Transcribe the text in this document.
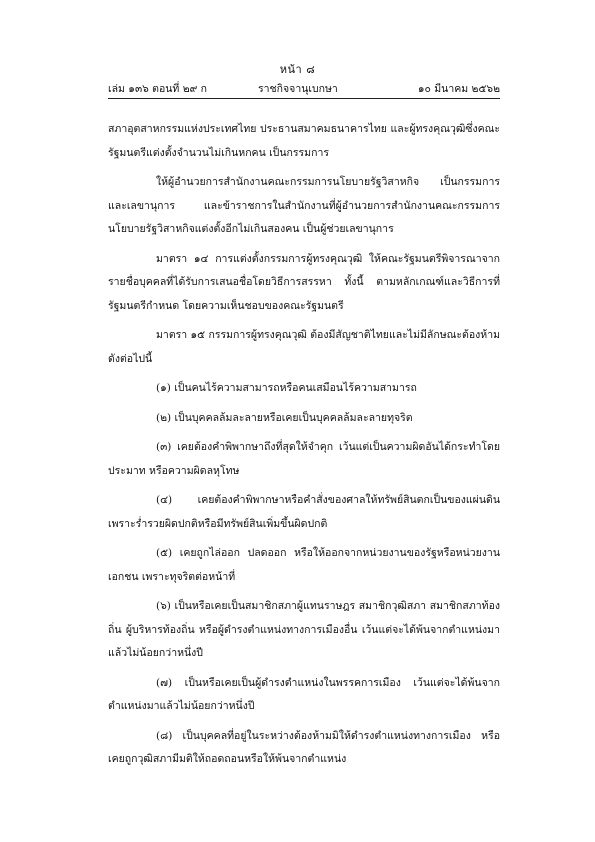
หน้า ๘
เล่ม ๑๓๖ ตอนที่ ๒๙ ก	ราชกิจจานุเบกษา	๑๐ มีนาคม ๒๕๖๒

สภาอุตสาหกรรมแห่งประเทศไทย ประธานสมาคมธนาคารไทย และผู้ทรงคุณวุฒิซึ่งคณะรัฐมนตรีแต่งตั้งจำนวนไม่เกินหกคน เป็นกรรมการ

ให้ผู้อำนวยการสำนักงานคณะกรรมการนโยบายรัฐวิสาหกิจ เป็นกรรมการและเลขานุการ และข้าราชการในสำนักงานที่ผู้อำนวยการสำนักงานคณะกรรมการนโยบายรัฐวิสาหกิจแต่งตั้งอีกไม่เกินสองคน เป็นผู้ช่วยเลขานุการ

มาตรา ๑๔ การแต่งตั้งกรรมการผู้ทรงคุณวุฒิ ให้คณะรัฐมนตรีพิจารณาจากรายชื่อบุคคลที่ได้รับการเสนอชื่อโดยวิธีการสรรหา ทั้งนี้ ตามหลักเกณฑ์และวิธีการที่รัฐมนตรีกำหนด โดยความเห็นชอบของคณะรัฐมนตรี

มาตรา ๑๕ กรรมการผู้ทรงคุณวุฒิ ต้องมีสัญชาติไทยและไม่มีลักษณะต้องห้ามดังต่อไปนี้

(๑) เป็นคนไร้ความสามารถหรือคนเสมือนไร้ความสามารถ

(๒) เป็นบุคคลล้มละลายหรือเคยเป็นบุคคลล้มละลายทุจริต

(๓) เคยต้องคำพิพากษาถึงที่สุดให้จำคุก เว้นแต่เป็นความผิดอันได้กระทำโดยประมาท หรือความผิดลหุโทษ

(๔) เคยต้องคำพิพากษาหรือคำสั่งของศาลให้ทรัพย์สินตกเป็นของแผ่นดินเพราะร่ำรวยผิดปกติหรือมีทรัพย์สินเพิ่มขึ้นผิดปกติ

(๕) เคยถูกไล่ออก ปลดออก หรือให้ออกจากหน่วยงานของรัฐหรือหน่วยงานเอกชน เพราะทุจริตต่อหน้าที่

(๖) เป็นหรือเคยเป็นสมาชิกสภาผู้แทนราษฎร สมาชิกวุฒิสภา สมาชิกสภาท้องถิ่น ผู้บริหารท้องถิ่น หรือผู้ดำรงตำแหน่งทางการเมืองอื่น เว้นแต่จะได้พ้นจากตำแหน่งมาแล้วไม่น้อยกว่าหนึ่งปี

(๗) เป็นหรือเคยเป็นผู้ดำรงตำแหน่งในพรรคการเมือง เว้นแต่จะได้พ้นจากตำแหน่งมาแล้วไม่น้อยกว่าหนึ่งปี

(๘) เป็นบุคคลที่อยู่ในระหว่างต้องห้ามมิให้ดำรงตำแหน่งทางการเมือง หรือเคยถูกวุฒิสภามีมติให้ถอดถอนหรือให้พ้นจากตำแหน่ง
